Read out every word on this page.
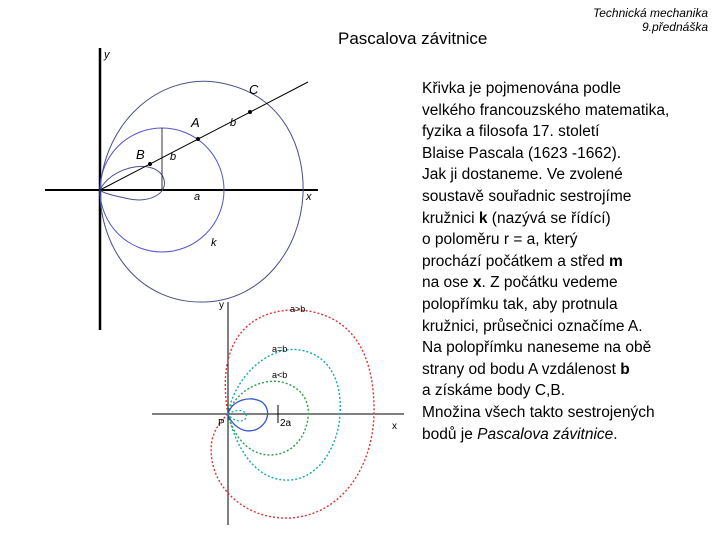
Pascalova závitnice
Technická mechanika
9.přednáška
y
x
C
A
B
b
b
a
k
y
x
a>b
a=b
a<b
P	2a
Křivka je pojmenována podle
velkého francouzského matematika,
fyzika a filosofa 17. století
Blaise Pascala (1623 -1662).
Jak ji dostaneme. Ve zvolené
soustavě souřadnic sestrojíme
kružnici k (nazývá se řídící)
o poloměru r = a, který
prochází počátkem a střed m
na ose x. Z počátku vedeme
polopřímku tak, aby protnula
kružnici, průsečnici označíme A.
Na polopřímku naneseme na obě
strany od bodu A vzdálenost b
a získáme body C,B.
Množina všech takto sestrojených
bodů je Pascalova závitnice.
